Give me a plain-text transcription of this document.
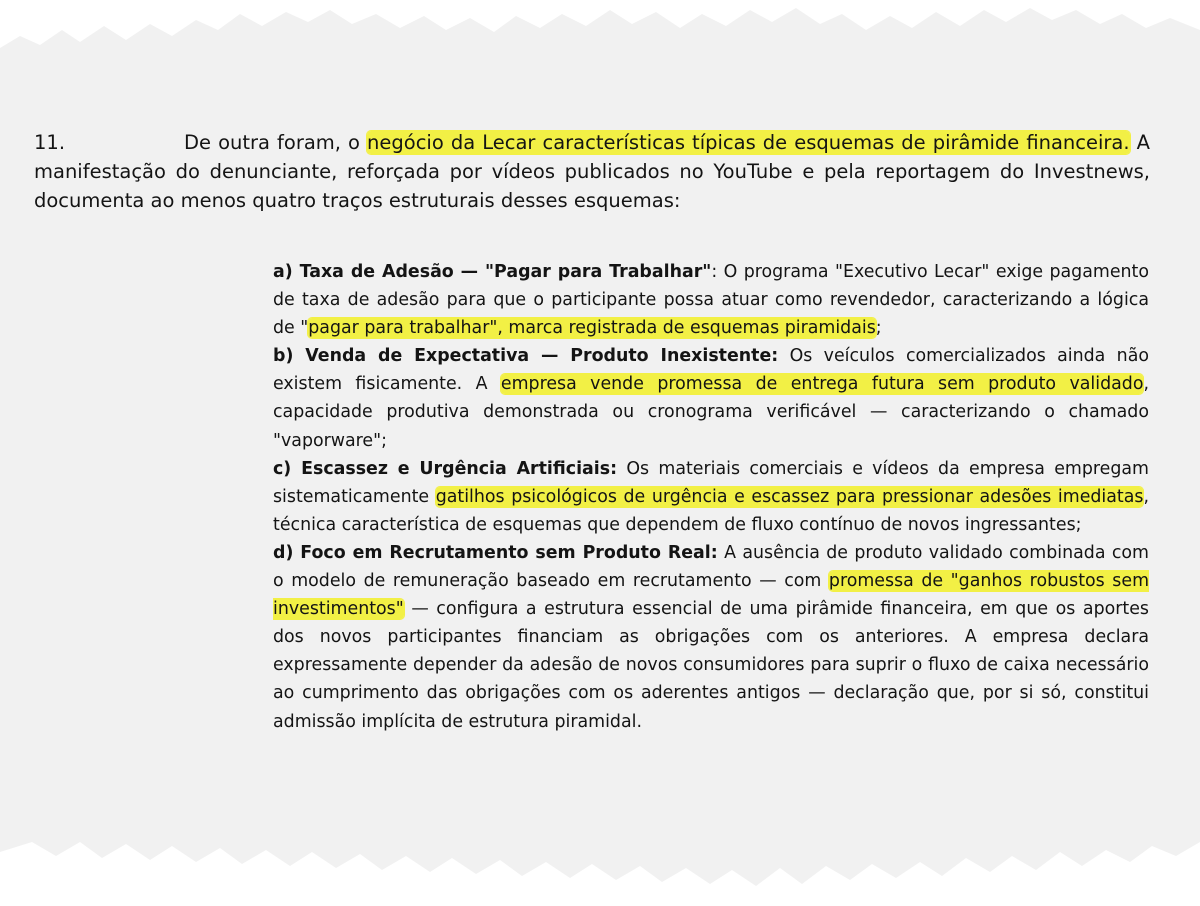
11.	De outra foram, o negócio da Lecar características típicas de esquemas de pirâmide financeira. A manifestação do denunciante, reforçada por vídeos publicados no YouTube e pela reportagem do Investnews, documenta ao menos quatro traços estruturais desses esquemas:

a) Taxa de Adesão — "Pagar para Trabalhar": O programa "Executivo Lecar" exige pagamento de taxa de adesão para que o participante possa atuar como revendedor, caracterizando a lógica de "pagar para trabalhar", marca registrada de esquemas piramidais;

b) Venda de Expectativa — Produto Inexistente: Os veículos comercializados ainda não existem fisicamente. A empresa vende promessa de entrega futura sem produto validado, capacidade produtiva demonstrada ou cronograma verificável — caracterizando o chamado "vaporware";

c) Escassez e Urgência Artificiais: Os materiais comerciais e vídeos da empresa empregam sistematicamente gatilhos psicológicos de urgência e escassez para pressionar adesões imediatas, técnica característica de esquemas que dependem de fluxo contínuo de novos ingressantes;

d) Foco em Recrutamento sem Produto Real: A ausência de produto validado combinada com o modelo de remuneração baseado em recrutamento — com promessa de "ganhos robustos sem investimentos" — configura a estrutura essencial de uma pirâmide financeira, em que os aportes dos novos participantes financiam as obrigações com os anteriores. A empresa declara expressamente depender da adesão de novos consumidores para suprir o fluxo de caixa necessário ao cumprimento das obrigações com os aderentes antigos — declaração que, por si só, constitui admissão implícita de estrutura piramidal.
